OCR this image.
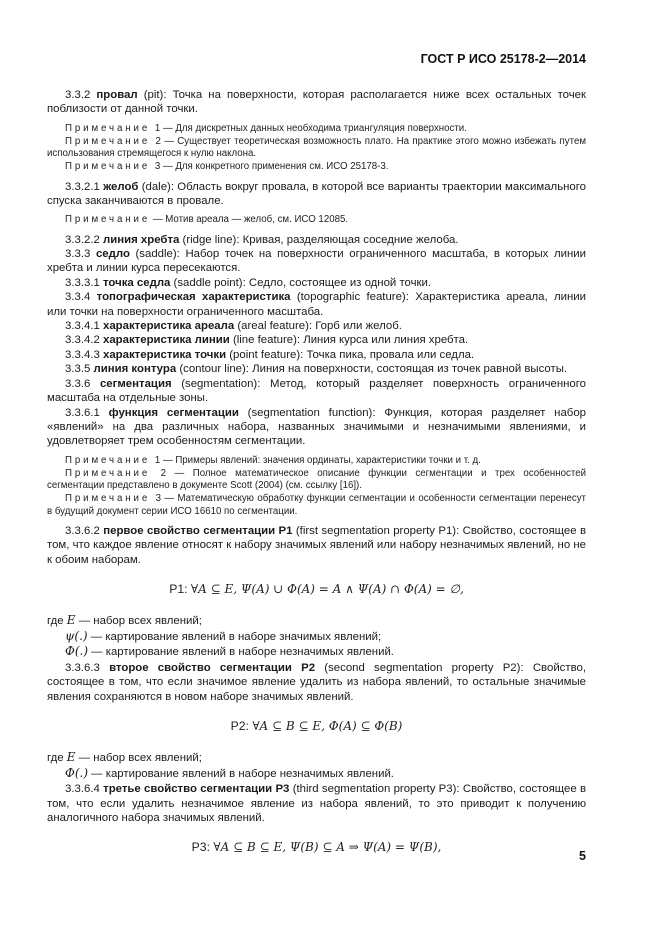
ГОСТ Р ИСО 25178-2—2014

3.3.2 провал (pit): Точка на поверхности, которая располагается ниже всех остальных точек поблизости от данной точки.

Примечание 1 — Для дискретных данных необходима триангуляция поверхности.

Примечание 2 — Существует теоретическая возможность плато. На практике этого можно избежать путем использования стремящегося к нулю наклона.

Примечание 3 — Для конкретного применения см. ИСО 25178-3.

3.3.2.1 желоб (dale): Область вокруг провала, в которой все варианты траектории максимального спуска заканчиваются в провале.

Примечание — Мотив ареала — желоб, см. ИСО 12085.

3.3.2.2 линия хребта (ridge line): Кривая, разделяющая соседние желоба.

3.3.3 седло (saddle): Набор точек на поверхности ограниченного масштаба, в которых линии хребта и линии курса пересекаются.

3.3.3.1 точка седла (saddle point): Седло, состоящее из одной точки.

3.3.4 топографическая характеристика (topographic feature): Характеристика ареала, линии или точки на поверхности ограниченного масштаба.

3.3.4.1 характеристика ареала (areal feature): Горб или желоб.

3.3.4.2 характеристика линии (line feature): Линия курса или линия хребта.

3.3.4.3 характеристика точки (point feature): Точка пика, провала или седла.

3.3.5 линия контура (contour line): Линия на поверхности, состоящая из точек равной высоты.

3.3.6 сегментация (segmentation): Метод, который разделяет поверхность ограниченного масштаба на отдельные зоны.

3.3.6.1 функция сегментации (segmentation function): Функция, которая разделяет набор «явлений» на два различных набора, названных значимыми и незначимыми явлениями, и удовлетворяет трем особенностям сегментации.

Примечание 1 — Примеры явлений: значения ординаты, характеристики точки и т. д.

Примечание 2 — Полное математическое описание функции сегментации и трех особенностей сегментации представлено в документе Scott (2004) (см. ссылку [16]).

Примечание 3 — Математическую обработку функции сегментации и особенности сегментации перенесут в будущий документ серии ИСО 16610 по сегментации.

3.3.6.2 первое свойство сегментации P1 (first segmentation property P1): Свойство, состоящее в том, что каждое явление относят к набору значимых явлений или набору незначимых явлений, но не к обоим наборам.

P1: ∀A ⊆ E, Ψ(A) ∪ Φ(A) = A ∧ Ψ(A) ∩ Φ(A) = ∅,
где E — набор всех явлений;
ψ(.) — картирование явлений в наборе значимых явлений;
Φ(.) — картирование явлений в наборе незначимых явлений.

3.3.6.3 второе свойство сегментации P2 (second segmentation property P2): Свойство, состоящее в том, что если значимое явление удалить из набора явлений, то остальные значимые явления сохраняются в новом наборе значимых явлений.

P2: ∀A ⊆ B ⊆ E, Φ(A) ⊆ Φ(B)
где E — набор всех явлений;
Φ(.) — картирование явлений в наборе незначимых явлений.

3.3.6.4 третье свойство сегментации P3 (third segmentation property P3): Свойство, состоящее в том, что если удалить незначимое явление из набора явлений, то это приводит к получению аналогичного набора значимых явлений.

P3: ∀A ⊆ B ⊆ E, Ψ(B) ⊆ A ⇒ Ψ(A) = Ψ(B),
5
